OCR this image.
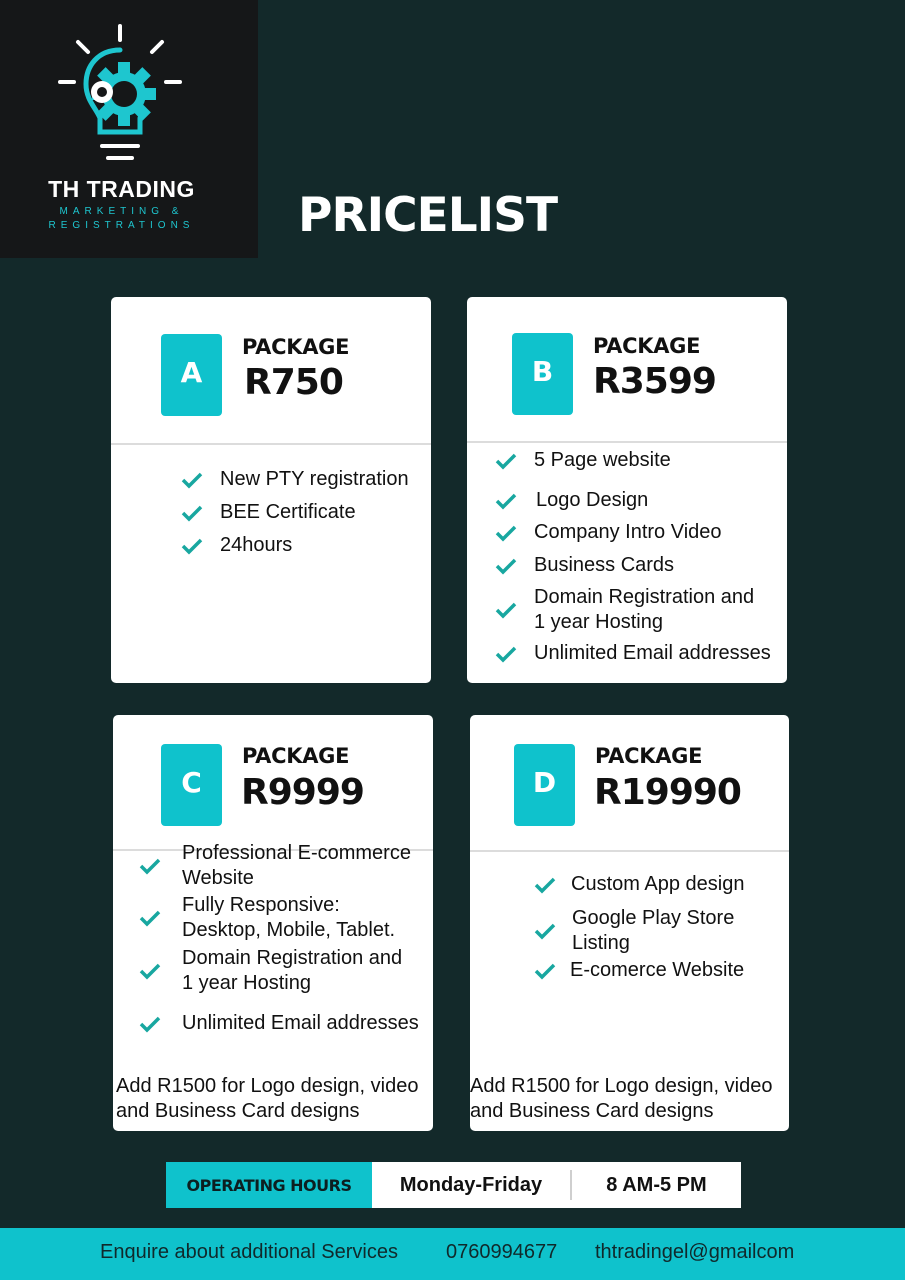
TH TRADING
MARKETING &
REGISTRATIONS	PRICELIST
A
PACKAGE
R750
New PTY registration
BEE Certificate
24hours
B
PACKAGE
R3599
5 Page website
Logo Design
Company Intro Video
Business Cards
Domain Registration and
1 year Hosting
Unlimited Email addresses
C
PACKAGE
R9999
Professional E-commerce
Website
Fully Responsive:
Desktop, Mobile, Tablet.
Domain Registration and
1 year Hosting
Unlimited Email addresses
Add R1500 for Logo design, video
and Business Card designs
D
PACKAGE
R19990
Custom App design
Google Play Store
Listing
E-comerce Website
Add R1500 for Logo design, video
and Business Card designs
OPERATING HOURS	Monday-Friday	8 AM-5 PM
Enquire about additional Services 0760994677 thtradingel@gmailcom
